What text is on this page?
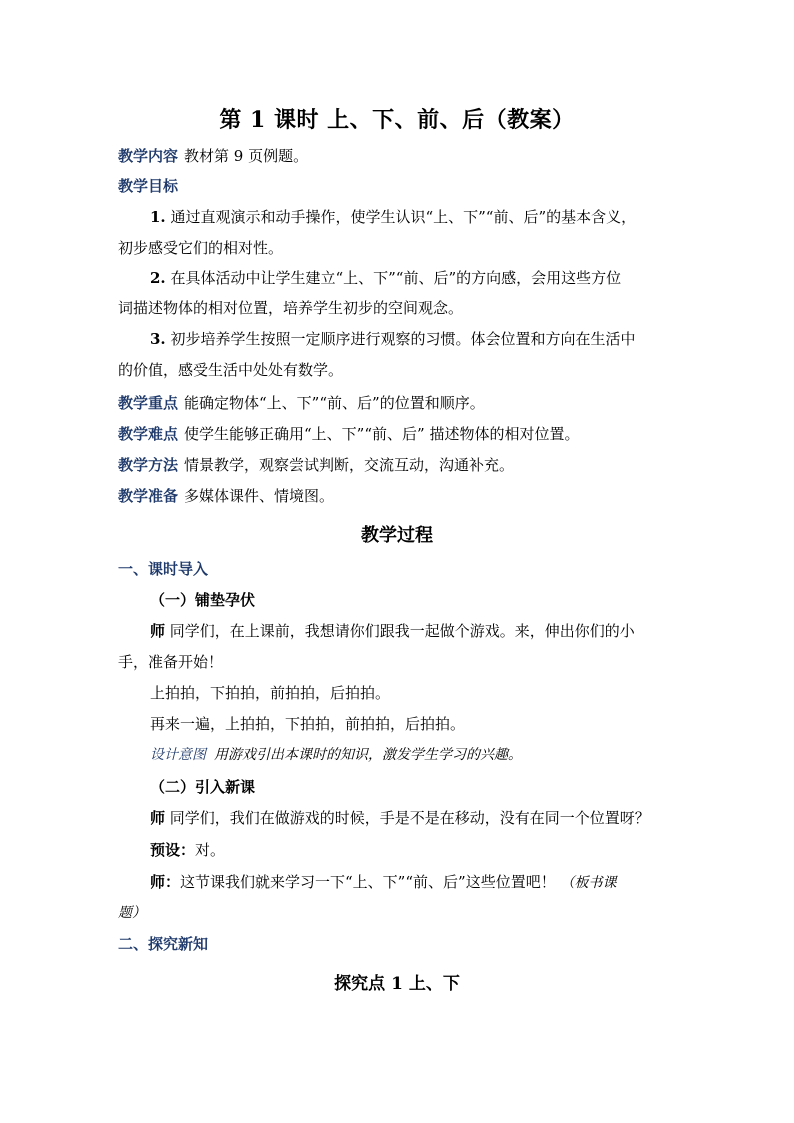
第 1 课时 上、下、前、后（教案）
教学内容 教材第 9 页例题。
教学目标
1. 通过直观演示和动手操作，使学生认识“上、下”“前、后”的基本含义，
初步感受它们的相对性。
2. 在具体活动中让学生建立“上、下”“前、后”的方向感，会用这些方位
词描述物体的相对位置，培养学生初步的空间观念。
3. 初步培养学生按照一定顺序进行观察的习惯。体会位置和方向在生活中
的价值，感受生活中处处有数学。
教学重点 能确定物体“上、下”“前、后”的位置和顺序。
教学难点 使学生能够正确用“上、下”“前、后” 描述物体的相对位置。
教学方法 情景教学，观察尝试判断，交流互动，沟通补充。
教学准备 多媒体课件、情境图。
教学过程
一、课时导入
（一）铺垫孕伏
师 同学们，在上课前，我想请你们跟我一起做个游戏。来，伸出你们的小
手，准备开始！
上拍拍，下拍拍，前拍拍，后拍拍。
再来一遍，上拍拍，下拍拍，前拍拍，后拍拍。
设计意图 用游戏引出本课时的知识，激发学生学习的兴趣。
（二）引入新课
师 同学们，我们在做游戏的时候，手是不是在移动，没有在同一个位置呀？
预设：对。
师：这节课我们就来学习一下“上、下”“前、后”这些位置吧！ （板书课
题）
二、探究新知
探究点 1 上、下
